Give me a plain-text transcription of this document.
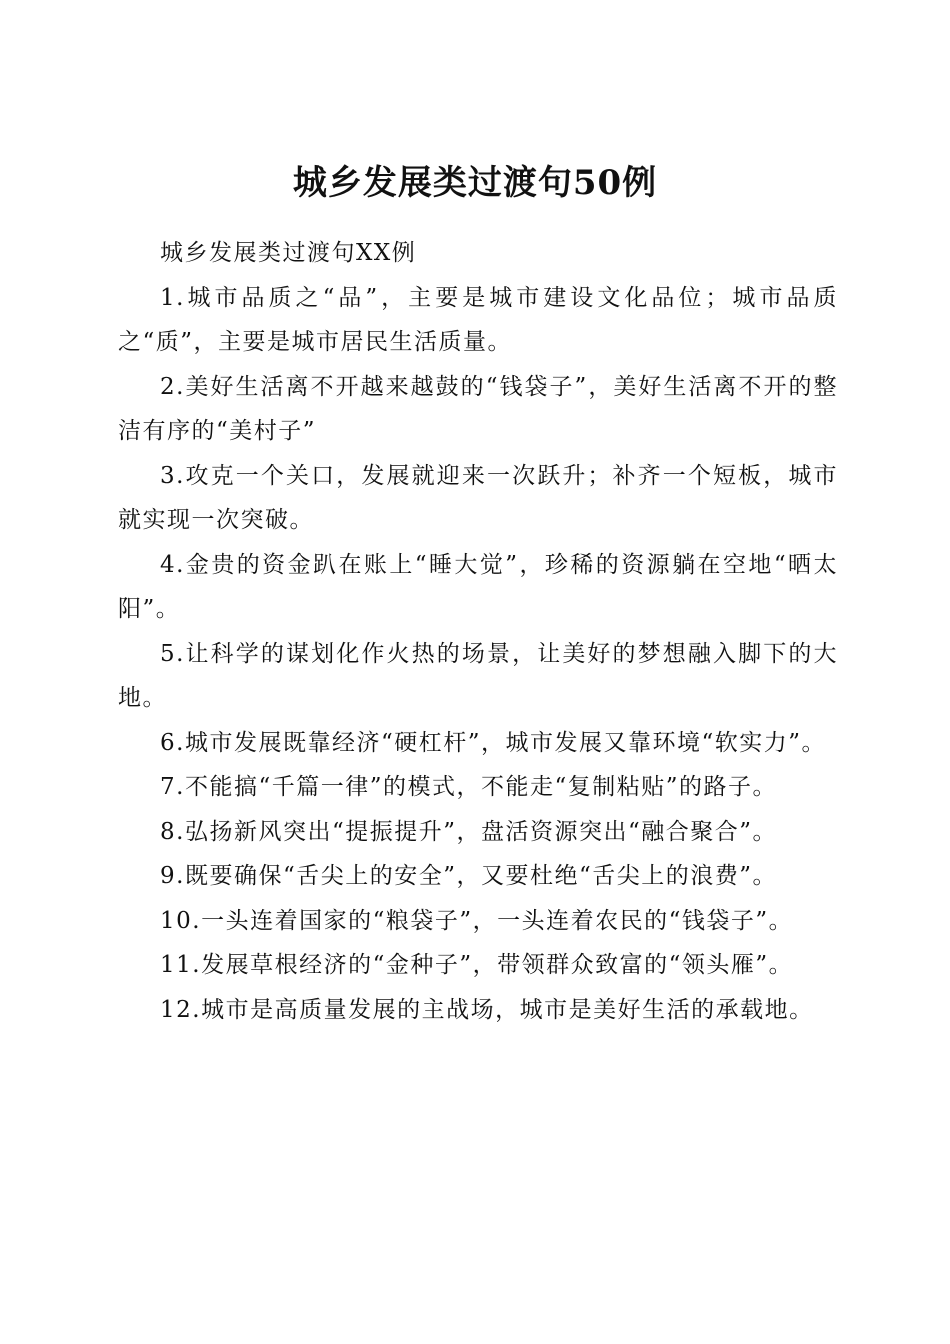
城乡发展类过渡句50例

城乡发展类过渡句XX例

1.城市品质之“品”，主要是城市建设文化品位；城市品质之“质”，主要是城市居民生活质量。

2.美好生活离不开越来越鼓的“钱袋子”，美好生活离不开的整洁有序的“美村子”

3.攻克一个关口，发展就迎来一次跃升；补齐一个短板，城市就实现一次突破。

4.金贵的资金趴在账上“睡大觉”，珍稀的资源躺在空地“晒太阳”。

5.让科学的谋划化作火热的场景，让美好的梦想融入脚下的大地。

6.城市发展既靠经济“硬杠杆”，城市发展又靠环境“软实力”。

7.不能搞“千篇一律”的模式，不能走“复制粘贴”的路子。

8.弘扬新风突出“提振提升”，盘活资源突出“融合聚合”。

9.既要确保“舌尖上的安全”，又要杜绝“舌尖上的浪费”。

10.一头连着国家的“粮袋子”，一头连着农民的“钱袋子”。

11.发展草根经济的“金种子”，带领群众致富的“领头雁”。

12.城市是高质量发展的主战场，城市是美好生活的承载地。
